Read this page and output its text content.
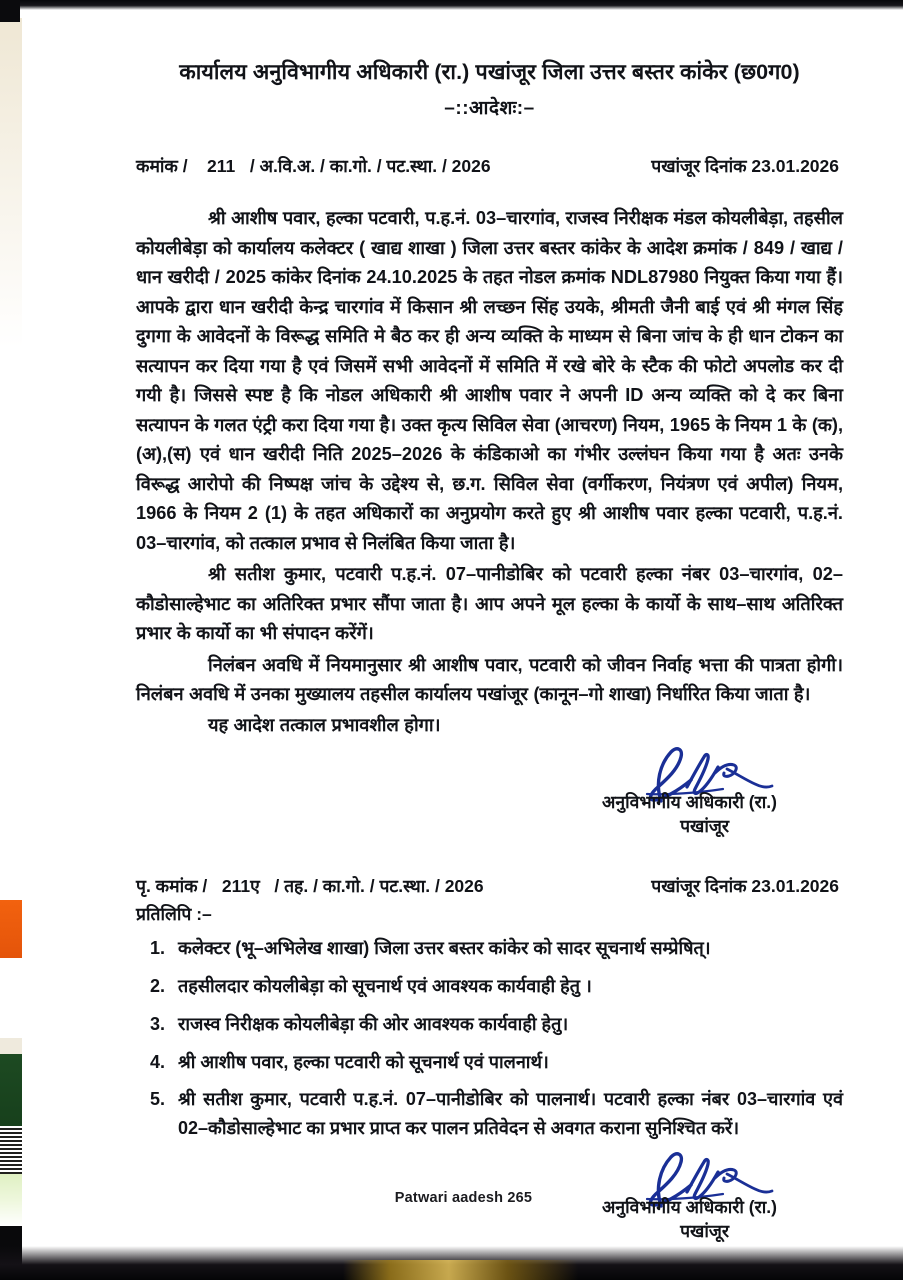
कार्यालय अनुविभागीय अधिकारी (रा.) पखांजूर जिला उत्तर बस्तर कांकेर (छ0ग0)
–::आदेशः:–
कमांक /    211   / अ.वि.अ. / का.गो. / पट.स्था. / 2026	पखांजूर दिनांक 23.01.2026

श्री आशीष पवार, हल्का पटवारी, प.ह.नं. 03–चारगांव, राजस्व निरीक्षक मंडल कोयलीबेड़ा, तहसील कोयलीबेड़ा को कार्यालय कलेक्टर ( खाद्य शाखा ) जिला उत्तर बस्तर कांकेर के आदेश क्रमांक / 849 / खाद्य / धान खरीदी / 2025 कांकेर दिनांक 24.10.2025 के तहत नोडल क्रमांक NDL87980 नियुक्त किया गया हैं। आपके द्वारा धान खरीदी केन्द्र चारगांव में किसान श्री लच्छन सिंह उयके, श्रीमती जैनी बाई एवं श्री मंगल सिंह दुगगा के आवेदनों के विरूद्ध समिति मे बैठ कर ही अन्य व्यक्ति के माध्यम से बिना जांच के ही धान टोकन का सत्यापन कर दिया गया है एवं जिसमें सभी आवेदनों में समिति में रखे बोरे के स्टैक की फोटो अपलोड कर दी गयी है। जिससे स्पष्ट है कि नोडल अधिकारी श्री आशीष पवार ने अपनी ID अन्य व्यक्ति को दे कर बिना सत्यापन के गलत एंट्री करा दिया गया है। उक्त कृत्य सिविल सेवा (आचरण) नियम, 1965 के नियम 1 के (क),(अ),(स) एवं धान खरीदी निति 2025–2026 के कंडिकाओ का गंभीर उल्लंघन किया गया है अतः उनके विरूद्ध आरोपो की निष्पक्ष जांच के उद्देश्य से, छ.ग. सिविल सेवा (वर्गीकरण, नियंत्रण एवं अपील) नियम, 1966 के नियम 2 (1) के तहत अधिकारों का अनुप्रयोग करते हुए श्री आशीष पवार हल्का पटवारी, प.ह.नं. 03–चारगांव, को तत्काल प्रभाव से निलंबित किया जाता है।

श्री सतीश कुमार, पटवारी प.ह.नं. 07–पानीडोबिर को पटवारी हल्का नंबर 03–चारगांव, 02–कौडोसाल्हेभाट का अतिरिक्त प्रभार सौंपा जाता है। आप अपने मूल हल्का के कार्यो के साथ–साथ अतिरिक्त प्रभार के कार्यो का भी संपादन करेंगें।

निलंबन अवधि में नियमानुसार श्री आशीष पवार, पटवारी को जीवन निर्वाह भत्ता की पात्रता होगी। निलंबन अवधि में उनका मुख्यालय तहसील कार्यालय पखांजूर (कानून–गो शाखा) निर्धारित किया जाता है।

यह आदेश तत्काल प्रभावशील होगा।

अनुविभागीय अधिकारी (रा.)
पखांजूर
पृ. कमांक /   211ए   / तह. / का.गो. / पट.स्था. / 2026	पखांजूर दिनांक 23.01.2026
प्रतिलिपि :–
1. कलेक्टर (भू–अभिलेख शाखा) जिला उत्तर बस्तर कांकेर को सादर सूचनार्थ सम्प्रेषित्।
2. तहसीलदार कोयलीबेड़ा को सूचनार्थ एवं आवश्यक कार्यवाही हेतु ।
3. राजस्व निरीक्षक कोयलीबेड़ा की ओर आवश्यक कार्यवाही हेतु।
4. श्री आशीष पवार, हल्का पटवारी को सूचनार्थ एवं पालनार्थ।
5. श्री सतीश कुमार, पटवारी प.ह.नं. 07–पानीडोबिर को पालनार्थ। पटवारी हल्का नंबर 03–चारगांव एवं 02–कौडोसाल्हेभाट का प्रभार प्राप्त कर पालन प्रतिवेदन से अवगत कराना सुनिश्चित करें।
अनुविभागीय अधिकारी (रा.)
पखांजूर
Patwari aadesh 265
